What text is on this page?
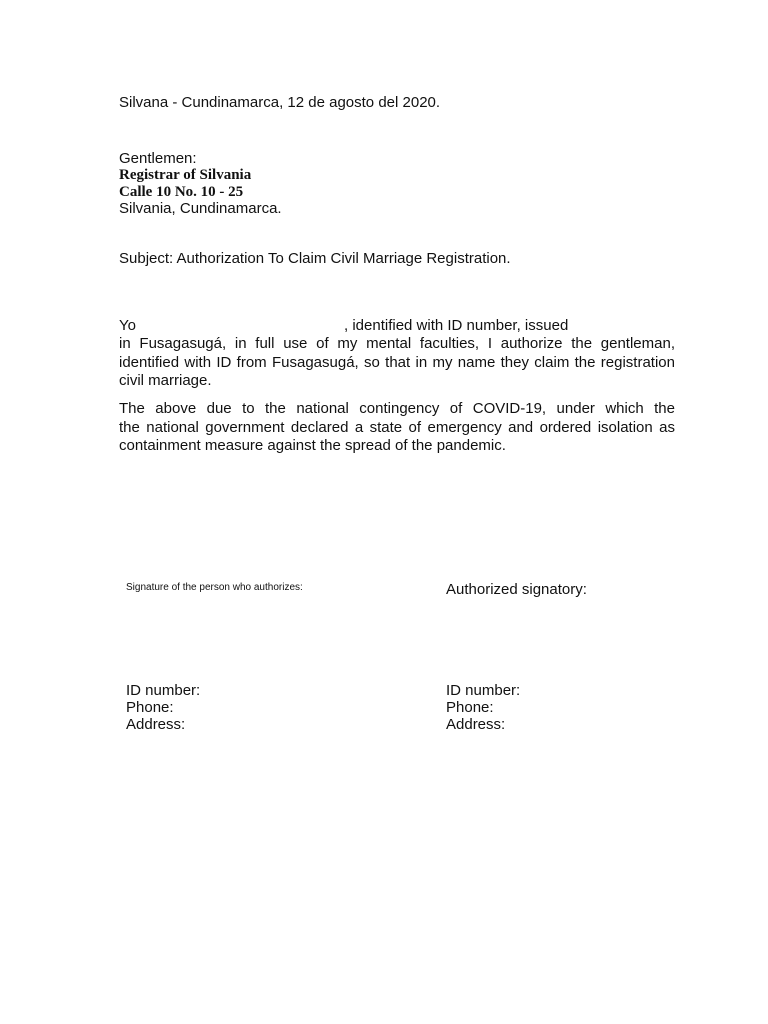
Silvana - Cundinamarca, 12 de agosto del 2020.
Gentlemen:
Registrar of Silvania
Calle 10 No. 10 - 25
Silvania, Cundinamarca.
Subject: Authorization To Claim Civil Marriage Registration.
Yo	, identified with ID number, issued
in Fusagasugá, in full use of my mental faculties, I authorize the gentleman,
identified with ID from Fusagasugá, so that in my name they claim the registration
civil marriage.
The above due to the national contingency of COVID-19, under which the
the national government declared a state of emergency and ordered isolation as
containment measure against the spread of the pandemic.
Signature of the person who authorizes:
ID number:
Phone:
Address:
Authorized signatory:
ID number:
Phone:
Address:
